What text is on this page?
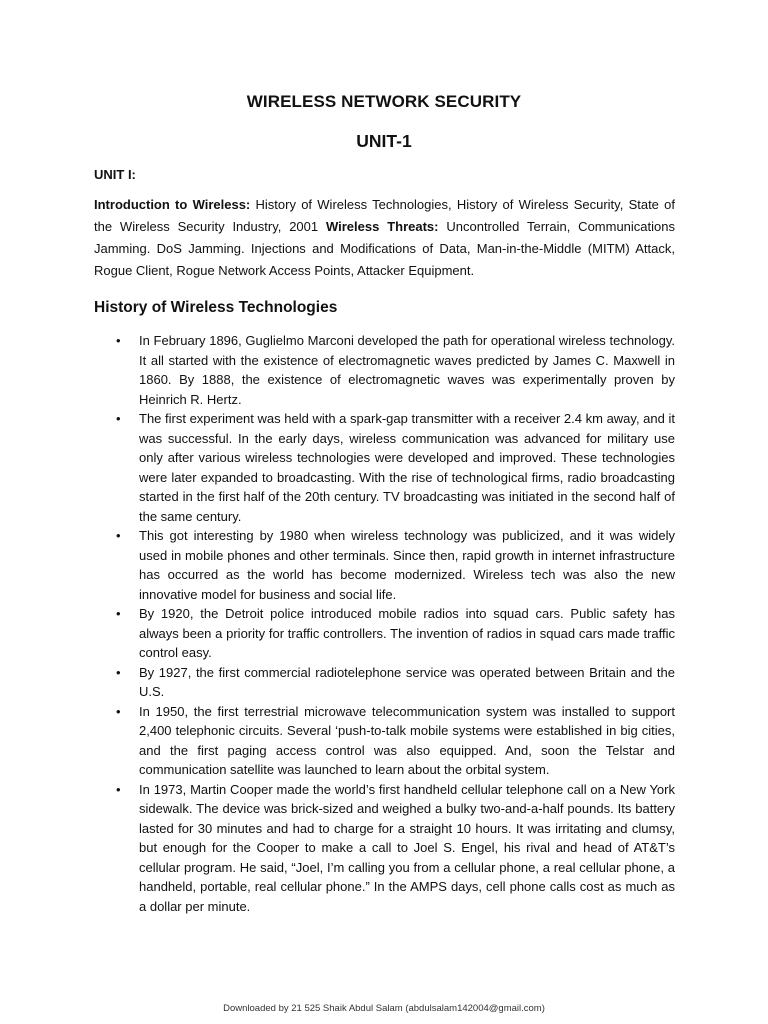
WIRELESS NETWORK SECURITY
UNIT-1

UNIT I:

Introduction to Wireless: History of Wireless Technologies, History of Wireless Security, State of the Wireless Security Industry, 2001 Wireless Threats: Uncontrolled Terrain, Communications Jamming. DoS Jamming. Injections and Modifications of Data, Man-in-the-Middle (MITM) Attack, Rogue Client, Rogue Network Access Points, Attacker Equipment.

History of Wireless Technologies
• In February 1896, Guglielmo Marconi developed the path for operational wireless technology. It all started with the existence of electromagnetic waves predicted by James C. Maxwell in 1860. By 1888, the existence of electromagnetic waves was experimentally proven by Heinrich R. Hertz.
• The first experiment was held with a spark-gap transmitter with a receiver 2.4 km away, and it was successful. In the early days, wireless communication was advanced for military use only after various wireless technologies were developed and improved. These technologies were later expanded to broadcasting. With the rise of technological firms, radio broadcasting started in the first half of the 20th century. TV broadcasting was initiated in the second half of the same century.
• This got interesting by 1980 when wireless technology was publicized, and it was widely used in mobile phones and other terminals. Since then, rapid growth in internet infrastructure has occurred as the world has become modernized. Wireless tech was also the new innovative model for business and social life.
• By 1920, the Detroit police introduced mobile radios into squad cars. Public safety has always been a priority for traffic controllers. The invention of radios in squad cars made traffic control easy.
• By 1927, the first commercial radiotelephone service was operated between Britain and the U.S.
• In 1950, the first terrestrial microwave telecommunication system was installed to support 2,400 telephonic circuits. Several ‘push-to-talk mobile systems were established in big cities, and the first paging access control was also equipped. And, soon the Telstar and communication satellite was launched to learn about the orbital system.
• In 1973, Martin Cooper made the world’s first handheld cellular telephone call on a New York sidewalk. The device was brick-sized and weighed a bulky two-and-a-half pounds. Its battery lasted for 30 minutes and had to charge for a straight 10 hours. It was irritating and clumsy, but enough for the Cooper to make a call to Joel S. Engel, his rival and head of AT&T’s cellular program. He said, “Joel, I’m calling you from a cellular phone, a real cellular phone, a handheld, portable, real cellular phone.” In the AMPS days, cell phone calls cost as much as a dollar per minute.

Downloaded by 21 525 Shaik Abdul Salam (abdulsalam142004@gmail.com)
